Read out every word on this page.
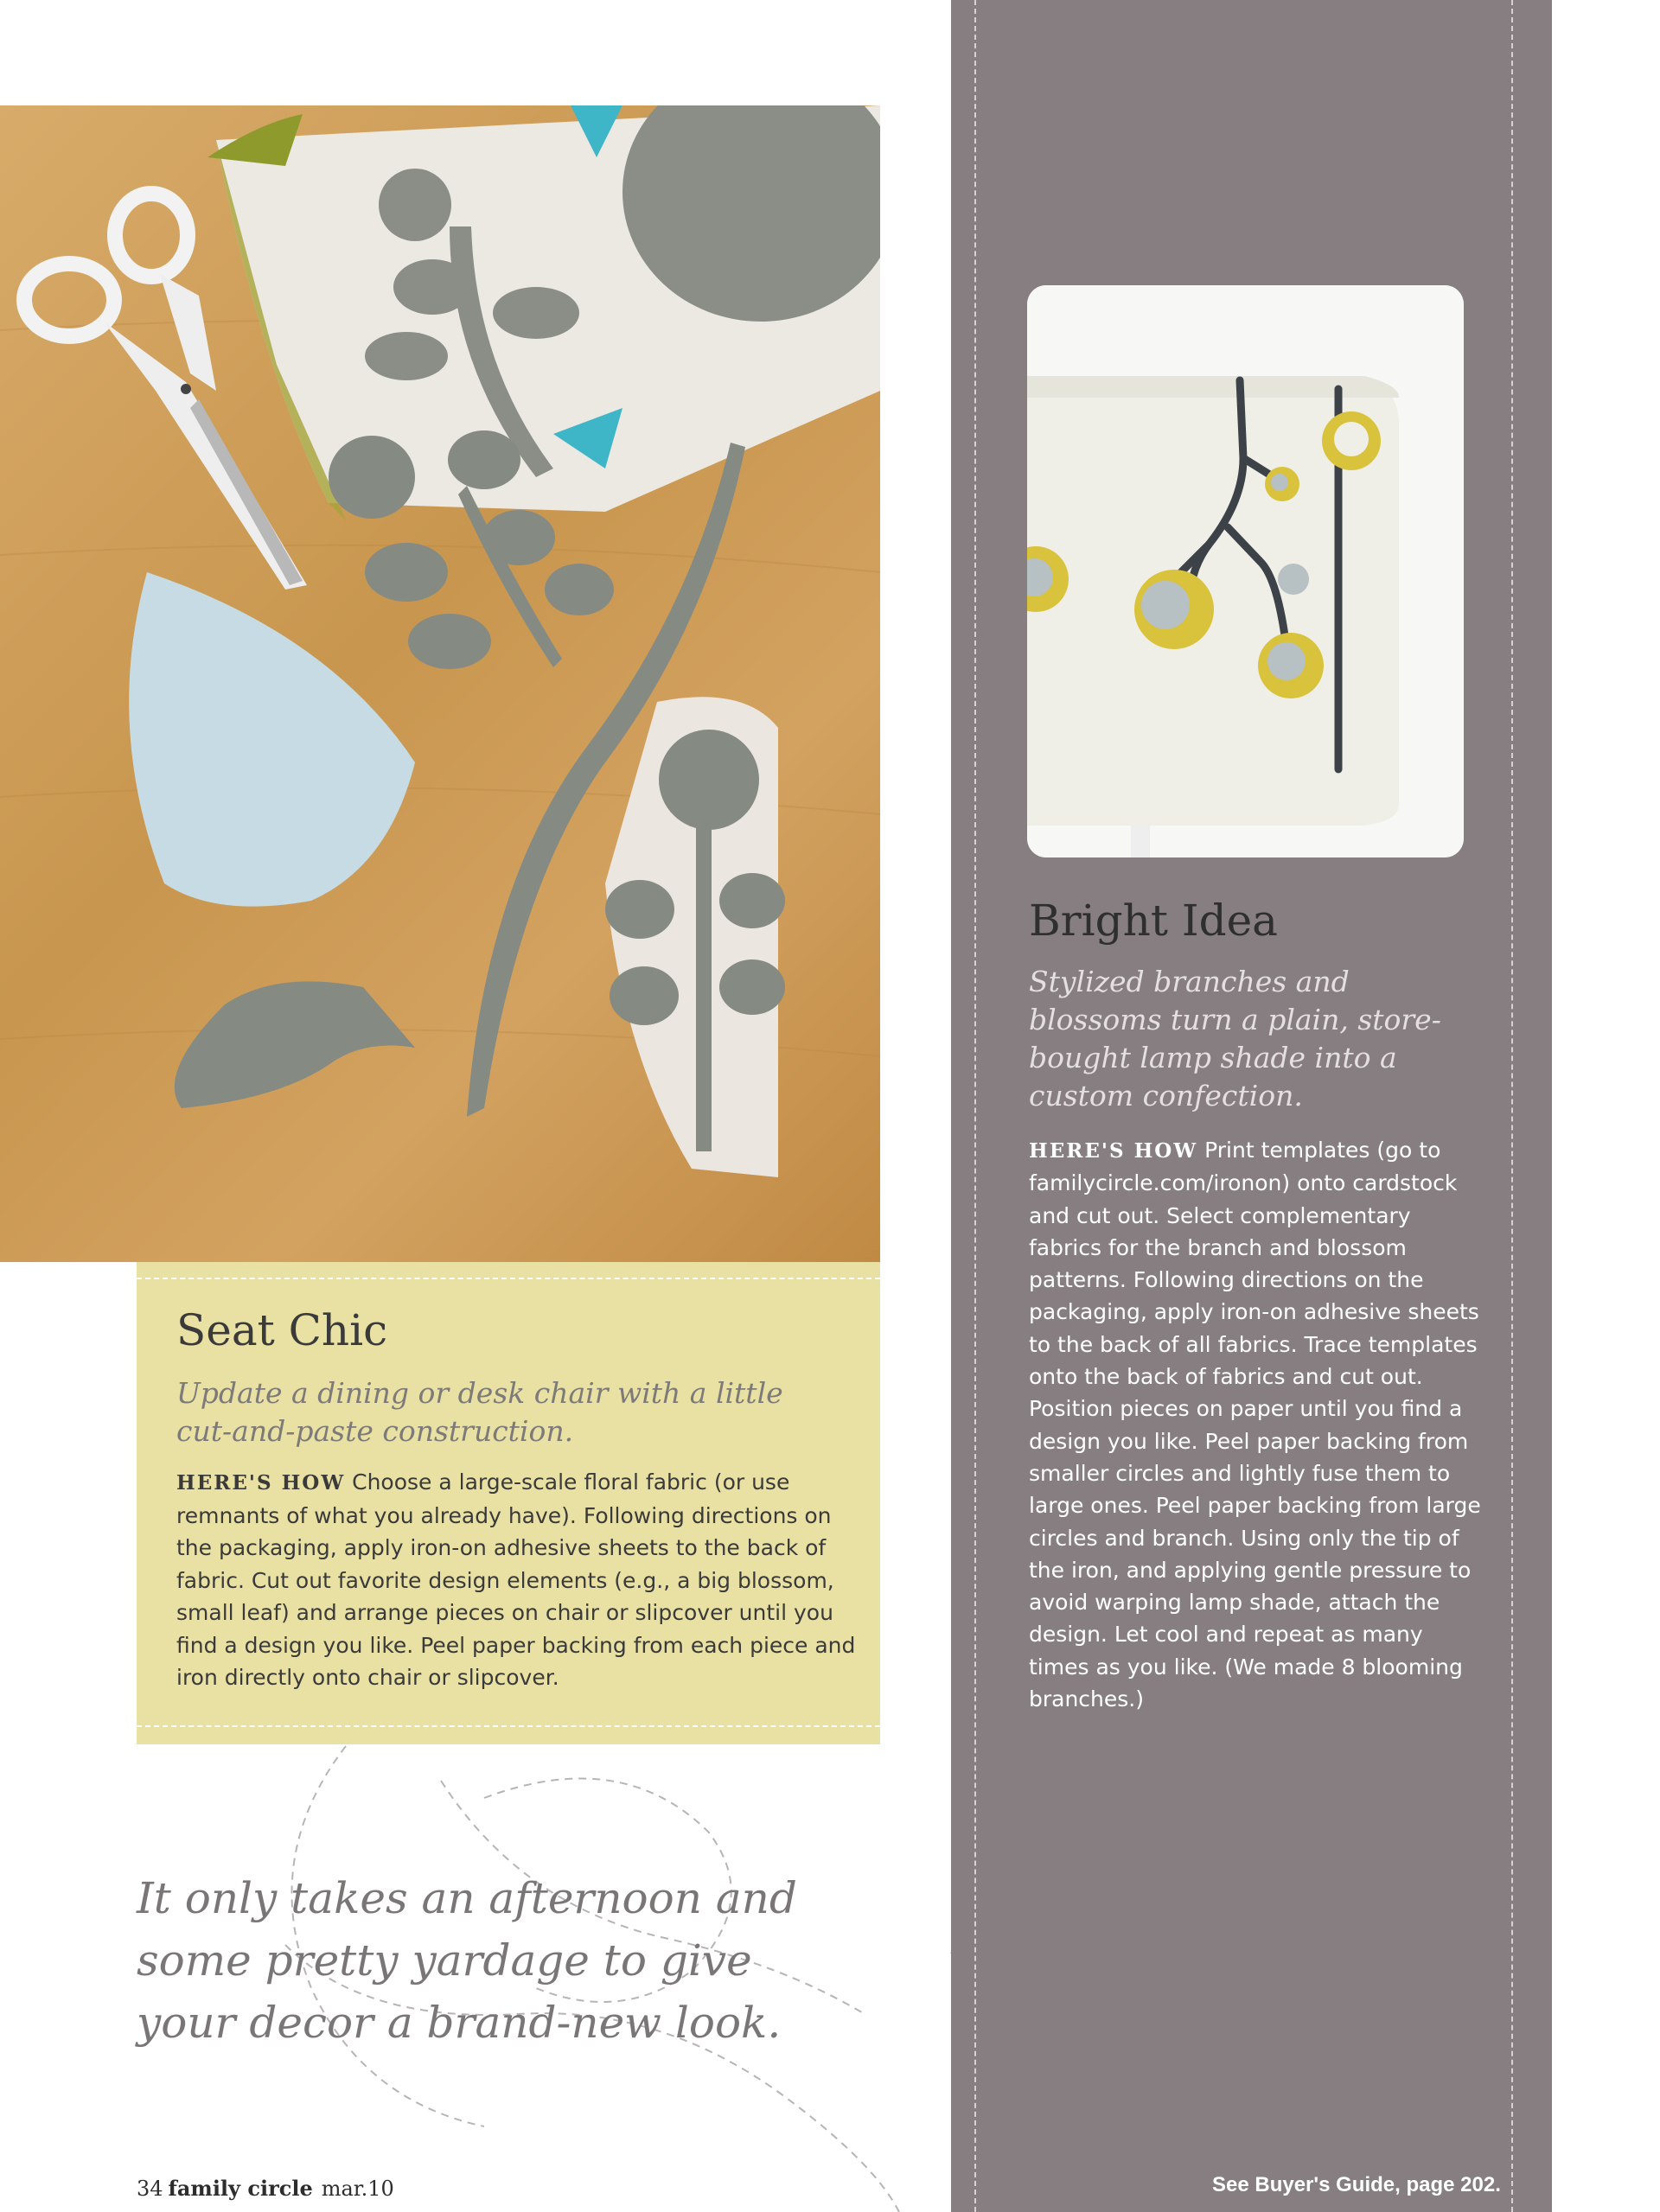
Seat Chic

Update a dining or desk chair with a little cut-and-paste construction.

HERE'S HOW Choose a large-scale floral fabric (or use remnants of what you already have). Following directions on the packaging, apply iron-on adhesive sheets to the back of fabric. Cut out favorite design elements (e.g., a big blossom, small leaf) and arrange pieces on chair or slipcover until you find a design you like. Peel paper backing from each piece and iron directly onto chair or slipcover.

Bright Idea

Stylized branches and blossoms turn a plain, store-bought lamp shade into a custom confection.

HERE'S HOW Print templates (go to familycircle.com/ironon) onto cardstock and cut out. Select complementary fabrics for the branch and blossom patterns. Following directions on the packaging, apply iron-on adhesive sheets to the back of all fabrics. Trace templates onto the back of fabrics and cut out. Position pieces on paper until you find a design you like. Peel paper backing from smaller circles and lightly fuse them to large ones. Peel paper backing from large circles and branch. Using only the tip of the iron, and applying gentle pressure to avoid warping lamp shade, attach the design. Let cool and repeat as many times as you like. (We made 8 blooming branches.)

See Buyer's Guide, page 202.

It only takes an afternoon and some pretty yardage to give your decor a brand-new look.

34 family circle mar.10
